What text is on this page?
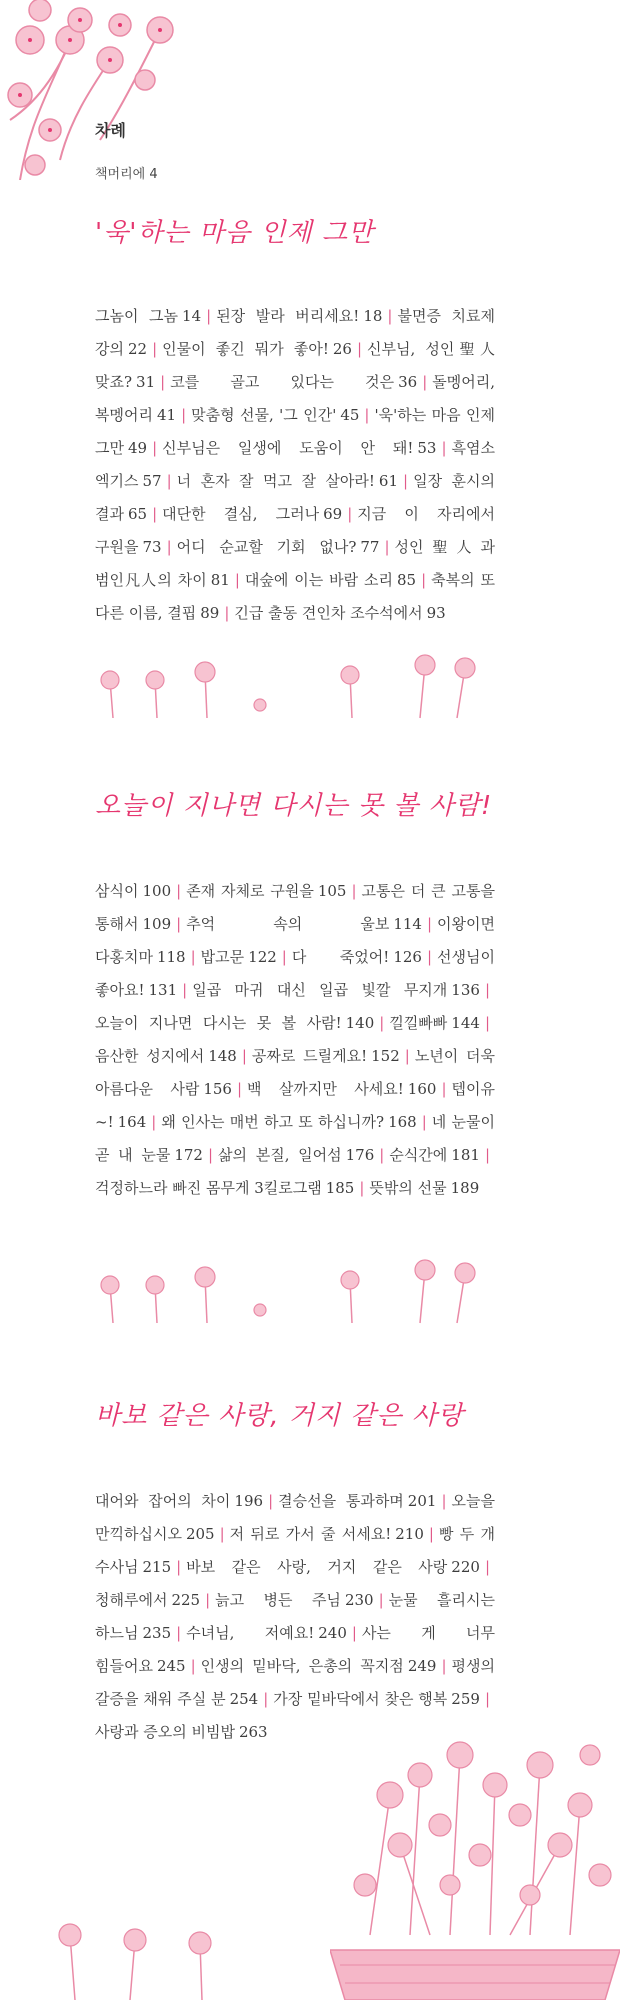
차례
책머리에 4
'욱'하는 마음 인제 그만
그놈이 그놈 14 | 된장 발라 버리세요! 18 | 불면증 치료제 강의 22 | 인물이 좋긴 뭐가 좋아! 26 | 신부님, 성인聖人 맞죠? 31 | 코를 골고 있다는 것은 36 | 돌멩어리, 복멩어리 41 | 맞춤형 선물, '그 인간' 45 | '욱'하는 마음 인제 그만 49 | 신부님은 일생에 도움이 안 돼! 53 | 흑염소 엑기스 57 | 너 혼자 잘 먹고 잘 살아라! 61 | 일장 훈시의 결과 65 | 대단한 결심, 그러나 69 | 지금 이 자리에서 구원을 73 | 어디 순교할 기회 없나? 77 | 성인聖人과 범인凡人의 차이 81 | 대숲에 이는 바람 소리 85 | 축복의 또 다른 이름, 결핍 89 | 긴급 출동 견인차 조수석에서 93
오늘이 지나면 다시는 못 볼 사람!
삼식이 100 | 존재 자체로 구원을 105 | 고통은 더 큰 고통을 통해서 109 | 추억 속의 울보 114 | 이왕이면 다홍치마 118 | 밥고문 122 | 다 죽었어! 126 | 선생님이 좋아요! 131 | 일곱 마귀 대신 일곱 빛깔 무지개 136 |오늘이 지나면 다시는 못 볼 사람! 140 | 낄낄빠빠 144 |음산한 성지에서 148 | 공짜로 드릴게요! 152 | 노년이 더욱 아름다운 사람 156 | 백 살까지만 사세요! 160 | 텝이유~! 164 | 왜 인사는 매번 하고 또 하십니까? 168 | 네 눈물이 곧 내 눈물 172 | 삶의 본질, 일어섬 176 | 순식간에 181 |걱정하느라 빠진 몸무게 3킬로그램 185 | 뜻밖의 선물 189
바보 같은 사랑, 거지 같은 사랑
대어와 잡어의 차이 196 | 결승선을 통과하며 201 | 오늘을 만끽하십시오 205 | 저 뒤로 가서 줄 서세요! 210 | 빵 두 개 수사님 215 | 바보 같은 사랑, 거지 같은 사랑 220 |청해루에서 225 | 늙고 병든 주님 230 | 눈물 흘리시는 하느님 235 | 수녀님, 저예요! 240 | 사는 게 너무 힘들어요 245 | 인생의 밑바닥, 은총의 꼭지점 249 | 평생의 갈증을 채워 주실 분 254 | 가장 밑바닥에서 찾은 행복 259 |사랑과 증오의 비빔밥 263
